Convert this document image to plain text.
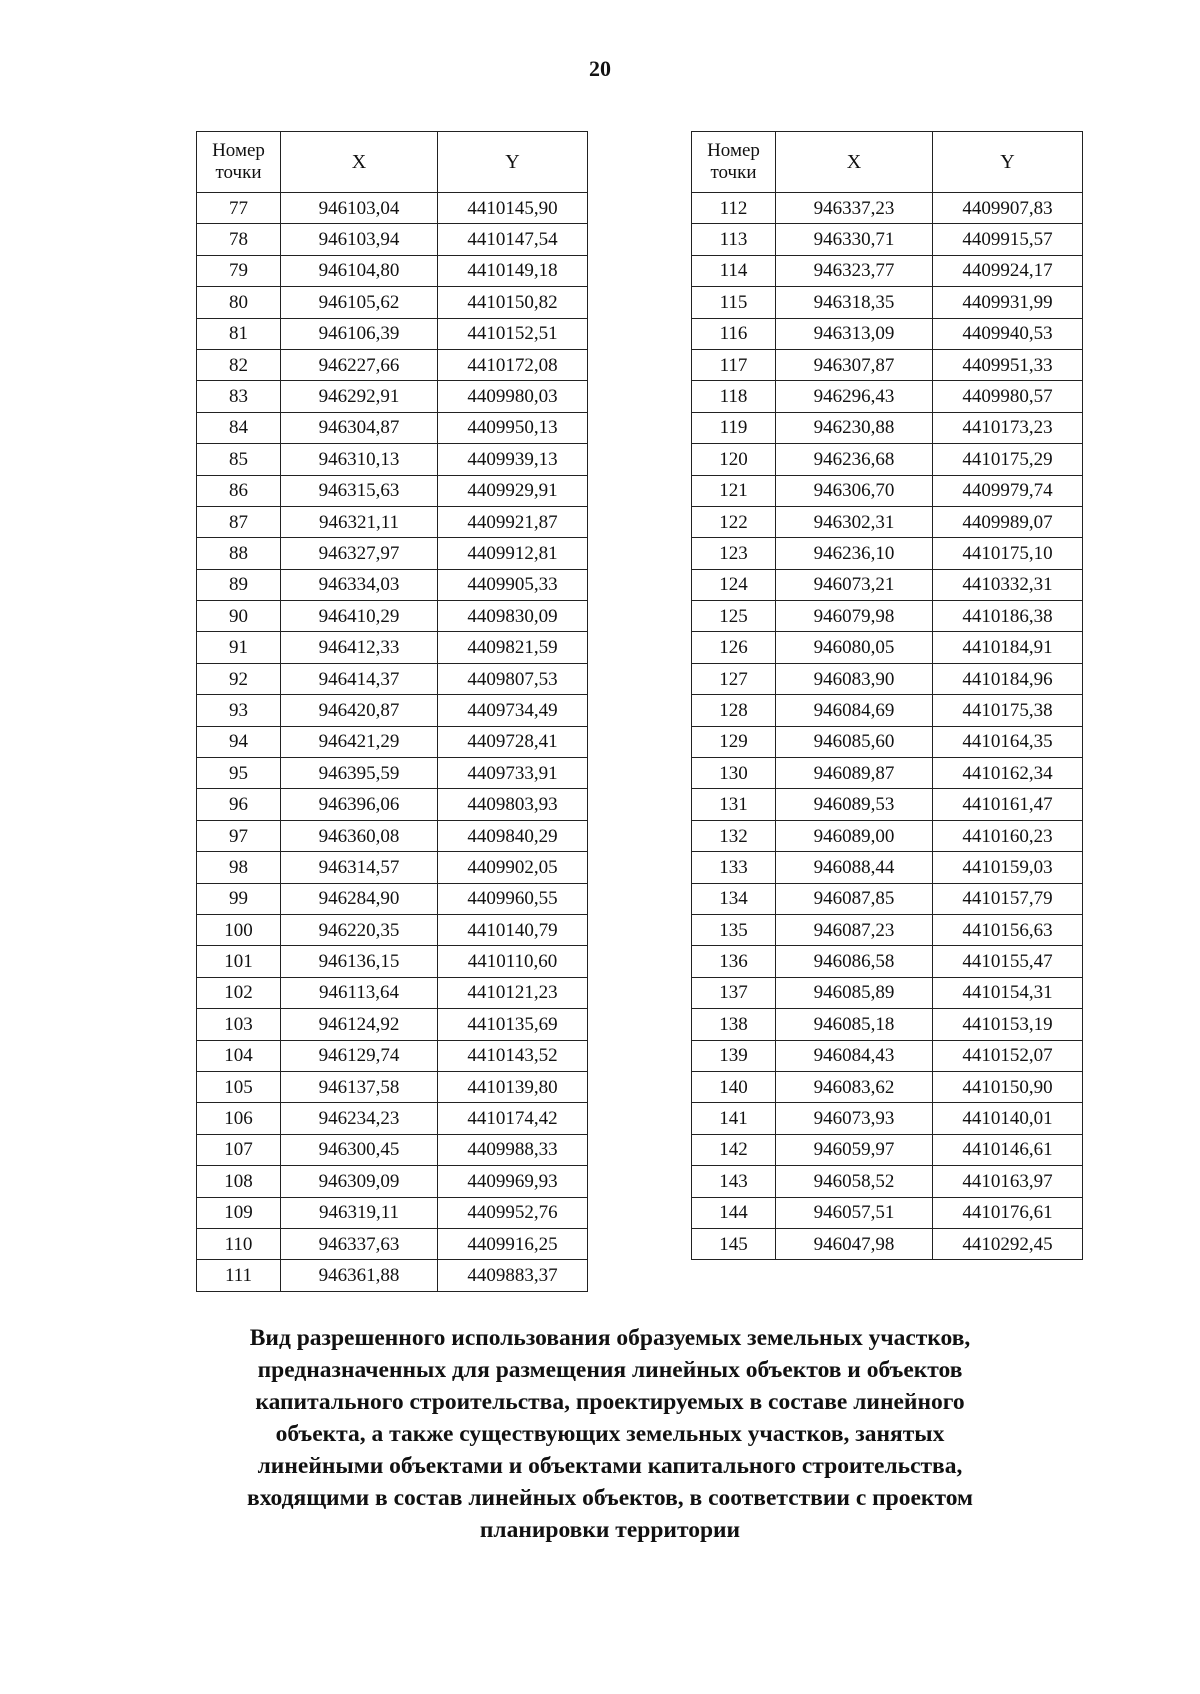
20
Номер точки	X	Y
77	946103,04	4410145,90
78	946103,94	4410147,54
79	946104,80	4410149,18
80	946105,62	4410150,82
81	946106,39	4410152,51
82	946227,66	4410172,08
83	946292,91	4409980,03
84	946304,87	4409950,13
85	946310,13	4409939,13
86	946315,63	4409929,91
87	946321,11	4409921,87
88	946327,97	4409912,81
89	946334,03	4409905,33
90	946410,29	4409830,09
91	946412,33	4409821,59
92	946414,37	4409807,53
93	946420,87	4409734,49
94	946421,29	4409728,41
95	946395,59	4409733,91
96	946396,06	4409803,93
97	946360,08	4409840,29
98	946314,57	4409902,05
99	946284,90	4409960,55
100	946220,35	4410140,79
101	946136,15	4410110,60
102	946113,64	4410121,23
103	946124,92	4410135,69
104	946129,74	4410143,52
105	946137,58	4410139,80
106	946234,23	4410174,42
107	946300,45	4409988,33
108	946309,09	4409969,93
109	946319,11	4409952,76
110	946337,63	4409916,25
111	946361,88	4409883,37
Номер точки	X	Y
112	946337,23	4409907,83
113	946330,71	4409915,57
114	946323,77	4409924,17
115	946318,35	4409931,99
116	946313,09	4409940,53
117	946307,87	4409951,33
118	946296,43	4409980,57
119	946230,88	4410173,23
120	946236,68	4410175,29
121	946306,70	4409979,74
122	946302,31	4409989,07
123	946236,10	4410175,10
124	946073,21	4410332,31
125	946079,98	4410186,38
126	946080,05	4410184,91
127	946083,90	4410184,96
128	946084,69	4410175,38
129	946085,60	4410164,35
130	946089,87	4410162,34
131	946089,53	4410161,47
132	946089,00	4410160,23
133	946088,44	4410159,03
134	946087,85	4410157,79
135	946087,23	4410156,63
136	946086,58	4410155,47
137	946085,89	4410154,31
138	946085,18	4410153,19
139	946084,43	4410152,07
140	946083,62	4410150,90
141	946073,93	4410140,01
142	946059,97	4410146,61
143	946058,52	4410163,97
144	946057,51	4410176,61
145	946047,98	4410292,45
Вид разрешенного использования образуемых земельных участков,
предназначенных для размещения линейных объектов и объектов
капитального строительства, проектируемых в составе линейного
объекта, а также существующих земельных участков, занятых
линейными объектами и объектами капитального строительства,
входящими в состав линейных объектов, в соответствии с проектом
планировки территории
